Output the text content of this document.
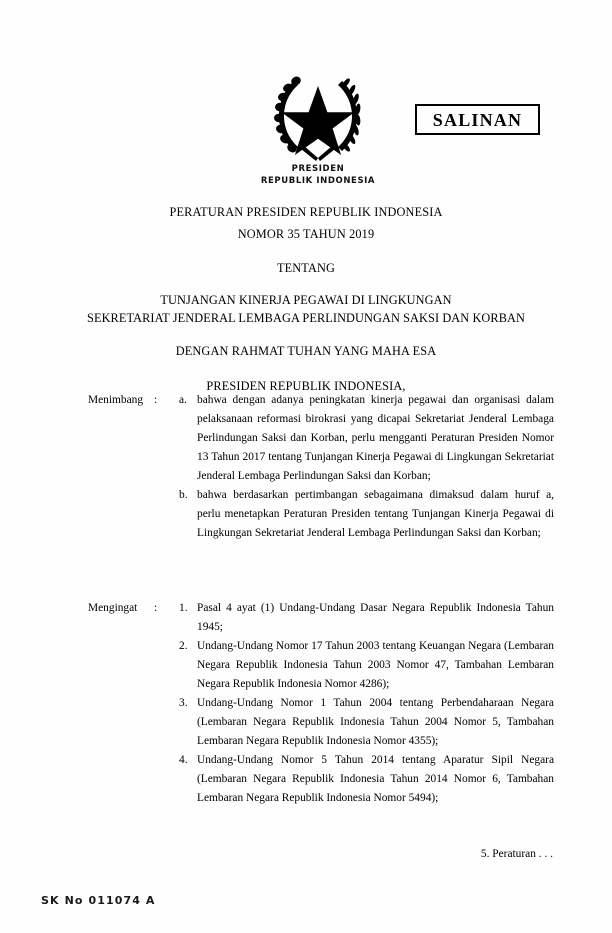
PRESIDEN
REPUBLIK INDONESIA
SALINAN
PERATURAN PRESIDEN REPUBLIK INDONESIA
NOMOR 35 TAHUN 2019
TENTANG
TUNJANGAN KINERJA PEGAWAI DI LINGKUNGAN
SEKRETARIAT JENDERAL LEMBAGA PERLINDUNGAN SAKSI DAN KORBAN
DENGAN RAHMAT TUHAN YANG MAHA ESA
PRESIDEN REPUBLIK INDONESIA,
Menimbang :	a. bahwa dengan adanya peningkatan kinerja pegawai dan organisasi dalam pelaksanaan reformasi birokrasi yang dicapai Sekretariat Jenderal Lembaga Perlindungan Saksi dan Korban, perlu mengganti Peraturan Presiden Nomor 13 Tahun 2017 tentang Tunjangan Kinerja Pegawai di Lingkungan Sekretariat Jenderal Lembaga Perlindungan Saksi dan Korban;
b. bahwa berdasarkan pertimbangan sebagaimana dimaksud dalam huruf a, perlu menetapkan Peraturan Presiden tentang Tunjangan Kinerja Pegawai di Lingkungan Sekretariat Jenderal Lembaga Perlindungan Saksi dan Korban;
Mengingat	:	1. Pasal 4 ayat (1) Undang-Undang Dasar Negara Republik Indonesia Tahun 1945;
2. Undang-Undang Nomor 17 Tahun 2003 tentang Keuangan Negara (Lembaran Negara Republik Indonesia Tahun 2003 Nomor 47, Tambahan Lembaran Negara Republik Indonesia Nomor 4286);
3. Undang-Undang Nomor 1 Tahun 2004 tentang Perbendaharaan Negara (Lembaran Negara Republik Indonesia Tahun 2004 Nomor 5, Tambahan Lembaran Negara Republik Indonesia Nomor 4355);
4. Undang-Undang Nomor 5 Tahun 2014 tentang Aparatur Sipil Negara (Lembaran Negara Republik Indonesia Tahun 2014 Nomor 6, Tambahan Lembaran Negara Republik Indonesia Nomor 5494);
5. Peraturan . . .
SK No 011074 A
